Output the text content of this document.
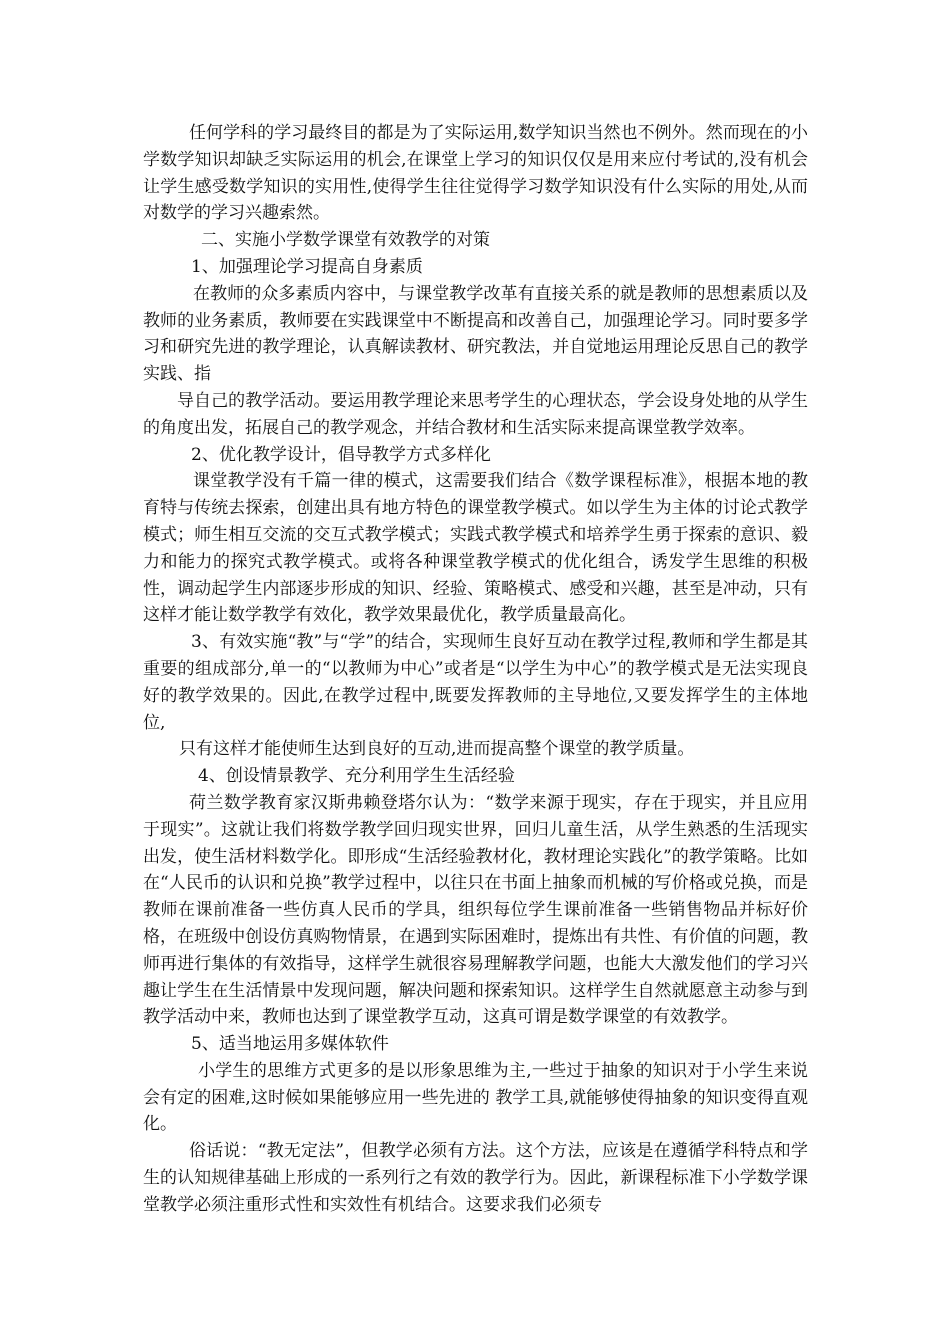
任何学科的学习最终目的都是为了实际运用,数学知识当然也不例外。然而现在的小学数学知识却缺乏实际运用的机会,在课堂上学习的知识仅仅是用来应付考试的,没有机会让学生感受数学知识的实用性,使得学生往往觉得学习数学知识没有什么实际的用处,从而对数学的学习兴趣索然。

二、实施小学数学课堂有效教学的对策

1、加强理论学习提高自身素质

在教师的众多素质内容中，与课堂教学改革有直接关系的就是教师的思想素质以及教师的业务素质，教师要在实践课堂中不断提高和改善自己，加强理论学习。同时要多学习和研究先进的教学理论，认真解读教材、研究教法，并自觉地运用理论反思自己的教学实践、指

导自己的教学活动。要运用教学理论来思考学生的心理状态，学会设身处地的从学生的角度出发，拓展自己的教学观念，并结合教材和生活实际来提高课堂教学效率。

2、优化教学设计，倡导教学方式多样化

课堂教学没有千篇一律的模式，这需要我们结合《数学课程标准》，根据本地的教育特与传统去探索，创建出具有地方特色的课堂教学模式。如以学生为主体的讨论式教学模式；师生相互交流的交互式教学模式；实践式教学模式和培养学生勇于探索的意识、毅力和能力的探究式教学模式。或将各种课堂教学模式的优化组合，诱发学生思维的积极性，调动起学生内部逐步形成的知识、经验、策略模式、感受和兴趣，甚至是冲动，只有这样才能让数学教学有效化，教学效果最优化，教学质量最高化。

3、有效实施“教”与“学”的结合，实现师生良好互动在教学过程,教师和学生都是其重要的组成部分,单一的“以教师为中心”或者是“以学生为中心”的教学模式是无法实现良好的教学效果的。因此,在教学过程中,既要发挥教师的主导地位,又要发挥学生的主体地位,

只有这样才能使师生达到良好的互动,进而提高整个课堂的教学质量。

4、创设情景教学、充分利用学生生活经验

荷兰数学教育家汉斯弗赖登塔尔认为：“数学来源于现实，存在于现实，并且应用于现实”。这就让我们将数学教学回归现实世界，回归儿童生活，从学生熟悉的生活现实出发，使生活材料数学化。即形成“生活经验教材化，教材理论实践化”的教学策略。比如在“人民币的认识和兑换”教学过程中，以往只在书面上抽象而机械的写价格或兑换，而是教师在课前准备一些仿真人民币的学具，组织每位学生课前准备一些销售物品并标好价格，在班级中创设仿真购物情景，在遇到实际困难时，提炼出有共性、有价值的问题，教师再进行集体的有效指导，这样学生就很容易理解教学问题，也能大大激发他们的学习兴趣让学生在生活情景中发现问题，解决问题和探索知识。这样学生自然就愿意主动参与到教学活动中来，教师也达到了课堂教学互动，这真可谓是数学课堂的有效教学。

5、适当地运用多媒体软件

小学生的思维方式更多的是以形象思维为主,一些过于抽象的知识对于小学生来说会有定的困难,这时候如果能够应用一些先进的 教学工具,就能够使得抽象的知识变得直观化。

俗话说：“教无定法”，但教学必须有方法。这个方法，应该是在遵循学科特点和学生的认知规律基础上形成的一系列行之有效的教学行为。因此，新课程标准下小学数学课堂教学必须注重形式性和实效性有机结合。这要求我们必须专
